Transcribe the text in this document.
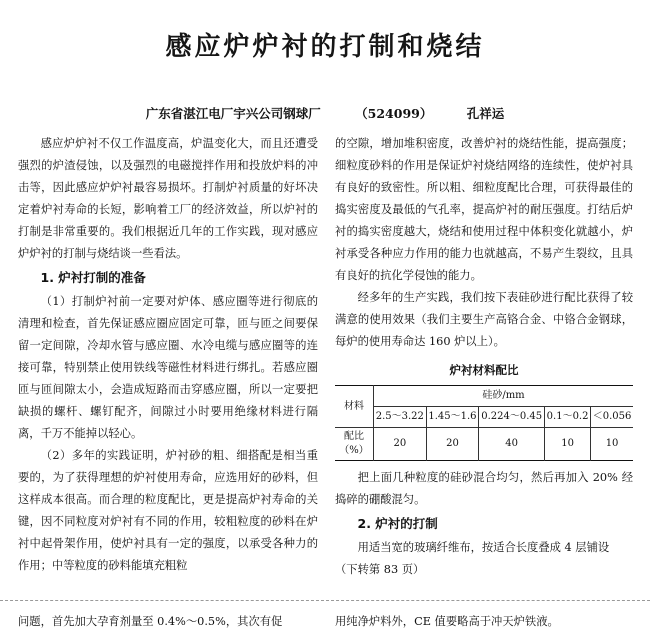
感应炉炉衬的打制和烧结
广东省湛江电厂宇兴公司钢球厂	（524099）	孔祥运

感应炉炉衬不仅工作温度高，炉温变化大，而且还遭受强烈的炉渣侵蚀，以及强烈的电磁搅拌作用和投放炉料的冲击等，因此感应炉炉衬最容易损坏。打制炉衬质量的好坏决定着炉衬寿命的长短，影响着工厂的经济效益，所以炉衬的打制是非常重要的。我们根据近几年的工作实践，现对感应炉炉衬的打制与烧结谈一些看法。

1. 炉衬打制的准备

（1）打制炉衬前一定要对炉体、感应圈等进行彻底的清理和检查，首先保证感应圈应固定可靠，匝与匝之间要保留一定间隙，冷却水管与感应圈、水冷电缆与感应圈等的连接可靠，特别禁止使用铁线等磁性材料进行绑扎。若感应圈匝与匝间隙太小，会造成短路而击穿感应圈，所以一定要把缺损的螺杆、螺钉配齐，间隙过小时要用绝缘材料进行隔离，千万不能掉以轻心。

（2）多年的实践证明，炉衬砂的粗、细搭配是相当重要的，为了获得理想的炉衬使用寿命，应选用好的砂料，但这样成本很高。而合理的粒度配比，更是提高炉衬寿命的关键，因不同粒度对炉衬有不同的作用，较粗粒度的砂料在炉衬中起骨架作用，使炉衬具有一定的强度，以承受各种力的作用；中等粒度的砂料能填充粗粒

的空隙，增加堆积密度，改善炉衬的烧结性能，提高强度；细粒度砂料的作用是保证炉衬烧结网络的连续性，使炉衬具有良好的致密性。所以粗、细粒度配比合理，可获得最佳的捣实密度及最低的气孔率，提高炉衬的耐压强度。打结后炉衬的捣实密度越大，烧结和使用过程中体积变化就越小，炉衬承受各种应力作用的能力也就越高，不易产生裂纹，且具有良好的抗化学侵蚀的能力。

经多年的生产实践，我们按下表硅砂进行配比获得了较满意的使用效果（我们主要生产高铬合金、中铬合金钢球，每炉的使用寿命达 160 炉以上）。

炉衬材料配比
材料	硅砂/mm				
	2.5～3.22	1.45～1.6	0.224～0.45	0.1～0.2	＜0.056

配比
（%）	20	20	40	10	10

把上面几种粒度的硅砂混合均匀，然后再加入 20% 经捣碎的硼酸混匀。

2. 炉衬的打制

用适当宽的玻璃纤维布，按适合长度叠成 4 层铺设

（下转第 83 页）

问题，首先加大孕育剂量至 0.4%～0.5%，其次有促	用纯净炉料外，CE 值要略高于冲天炉铁液。
